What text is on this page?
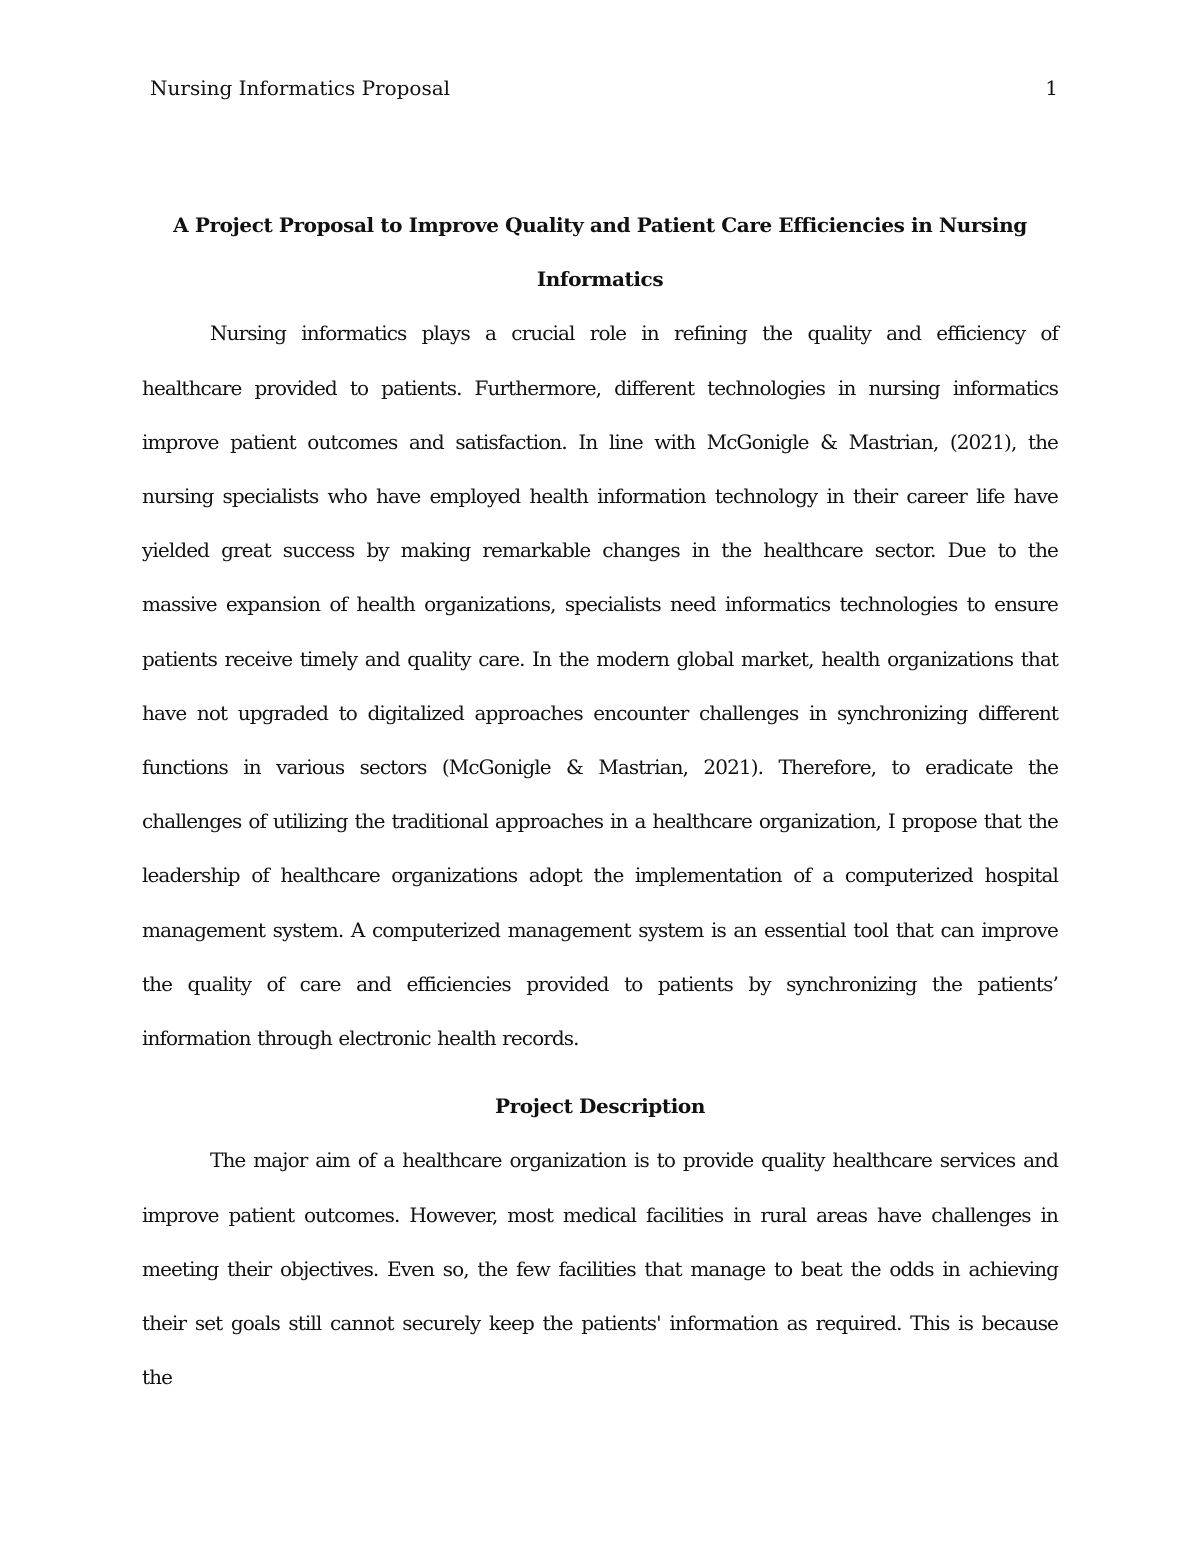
Nursing Informatics Proposal	1
A Project Proposal to Improve Quality and Patient Care Efficiencies in Nursing Informatics

Nursing informatics plays a crucial role in refining the quality and efficiency of healthcare provided to patients. Furthermore, different technologies in nursing informatics improve patient outcomes and satisfaction. In line with McGonigle & Mastrian, (2021), the nursing specialists who have employed health information technology in their career life have yielded great success by making remarkable changes in the healthcare sector. Due to the massive expansion of health organizations, specialists need informatics technologies to ensure patients receive timely and quality care. In the modern global market, health organizations that have not upgraded to digitalized approaches encounter challenges in synchronizing different functions in various sectors (McGonigle & Mastrian, 2021). Therefore, to eradicate the challenges of utilizing the traditional approaches in a healthcare organization, I propose that the leadership of healthcare organizations adopt the implementation of a computerized hospital management system. A computerized management system is an essential tool that can improve the quality of care and efficiencies provided to patients by synchronizing the patients’ information through electronic health records.

Project Description

The major aim of a healthcare organization is to provide quality healthcare services and improve patient outcomes. However, most medical facilities in rural areas have challenges in meeting their objectives. Even so, the few facilities that manage to beat the odds in achieving their set goals still cannot securely keep the patients' information as required. This is because the
